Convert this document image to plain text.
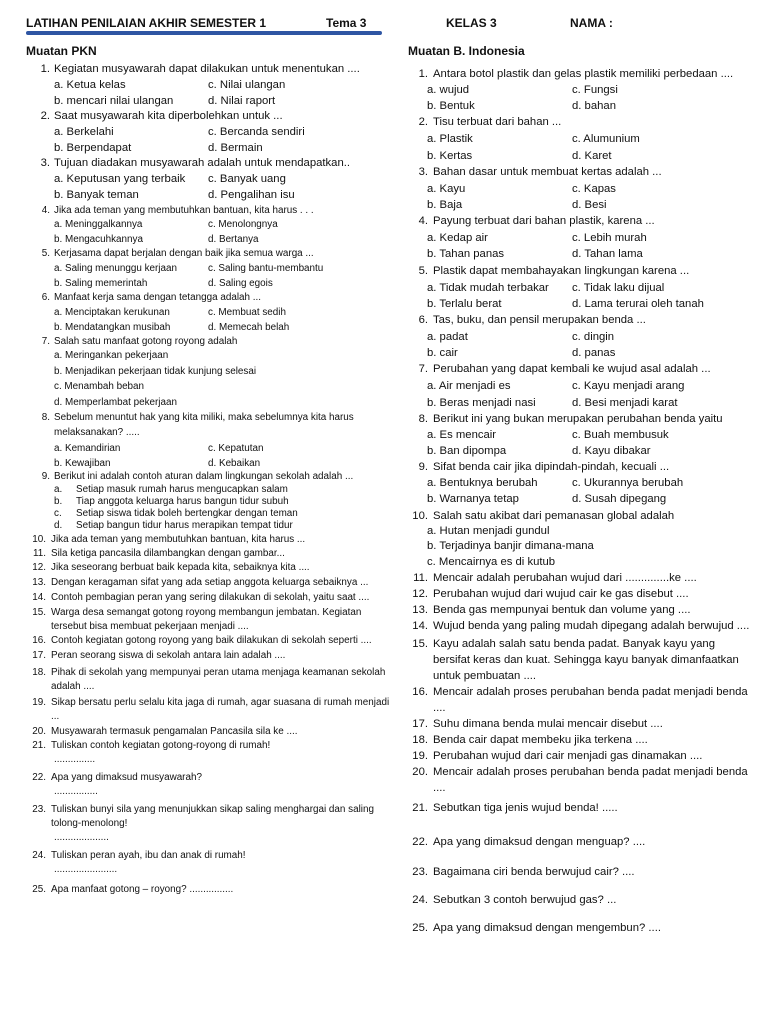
LATIHAN PENILAIAN AKHIR SEMESTER 1	Tema 3	KELAS 3	NAMA :
Muatan PKN
1. Kegiatan musyawarah dapat dilakukan untuk menentukan ....
a. Ketua kelas	c. Nilai ulangan
b. mencari nilai ulangan	d. Nilai raport
2. Saat musyawarah kita diperbolehkan untuk ...
a. Berkelahi	c. Bercanda sendiri
b. Berpendapat	d. Bermain
3. Tujuan diadakan musyawarah adalah untuk mendapatkan..
a. Keputusan yang terbaik	c. Banyak uang
b. Banyak teman	d. Pengalihan isu
4. Jika ada teman yang membutuhkan bantuan, kita harus . . .
a. Meninggalkannya	c. Menolongnya
b. Mengacuhkannya	d. Bertanya
5. Kerjasama dapat berjalan dengan baik jika semua warga ...
a. Saling menunggu kerjaan	c. Saling bantu-membantu
b. Saling memerintah	d. Saling egois
6. Manfaat kerja sama dengan tetangga adalah ...
a. Menciptakan kerukunan	c. Membuat sedih
b. Mendatangkan musibah	d. Memecah belah
7. Salah satu manfaat gotong royong adalah
a. Meringankan pekerjaan
b. Menjadikan pekerjaan tidak kunjung selesai
c. Menambah beban
d. Memperlambat pekerjaan
8. Sebelum menuntut hak yang kita miliki, maka sebelumnya kita harus melaksanakan? .....
a. Kemandirian	c. Kepatutan
b. Kewajiban	d. Kebaikan
9. Berikut ini adalah contoh aturan dalam lingkungan sekolah adalah ...
a. Setiap masuk rumah harus mengucapkan salam
b. Tiap anggota keluarga harus bangun tidur subuh
c. Setiap siswa tidak boleh bertengkar dengan teman
d. Setiap bangun tidur harus merapikan tempat tidur
10. Jika ada teman yang membutuhkan bantuan, kita harus ...
11. Sila ketiga pancasila dilambangkan dengan gambar...
12. Jika seseorang berbuat baik kepada kita, sebaiknya kita ....
13. Dengan keragaman sifat yang ada setiap anggota keluarga sebaiknya ...
14. Contoh pembagian peran yang sering dilakukan di sekolah, yaitu saat ....
15. Warga desa semangat gotong royong membangun jembatan. Kegiatan tersebut bisa membuat pekerjaan menjadi ....
16. Contoh kegiatan gotong royong yang baik dilakukan di sekolah seperti ....
17. Peran seorang siswa di sekolah antara lain adalah ....
18. Pihak di sekolah yang mempunyai peran utama menjaga keamanan sekolah adalah ....
19. Sikap bersatu perlu selalu kita jaga di rumah, agar suasana di rumah menjadi ...
20. Musyawarah termasuk pengamalan Pancasila sila ke ....
21. Tuliskan contoh kegiatan gotong-royong di rumah!
...............
22. Apa yang dimaksud musyawarah?
................
23. Tuliskan bunyi sila yang menunjukkan sikap saling menghargai dan saling tolong-menolong!
....................
24. Tuliskan peran ayah, ibu dan anak di rumah!
.......................
25. Apa manfaat gotong – royong? ................
Muatan B. Indonesia
1. Antara botol plastik dan gelas plastik memiliki perbedaan ....
a. wujud	c. Fungsi
b. Bentuk	d. bahan
2. Tisu terbuat dari bahan ...
a. Plastik	c. Alumunium
b. Kertas	d. Karet
3. Bahan dasar untuk membuat kertas adalah ...
a. Kayu	c. Kapas
b. Baja	d. Besi
4. Payung terbuat dari bahan plastik, karena ...
a. Kedap air	c. Lebih murah
b. Tahan panas	d. Tahan lama
5. Plastik dapat membahayakan lingkungan karena ...
a. Tidak mudah terbakar	c. Tidak laku dijual
b. Terlalu berat	d. Lama terurai oleh tanah
6. Tas, buku, dan pensil merupakan benda ...
a. padat	c. dingin
b. cair	d. panas
7. Perubahan yang dapat kembali ke wujud asal adalah ...
a. Air menjadi es	c. Kayu menjadi arang
b. Beras menjadi nasi	d. Besi menjadi karat
8. Berikut ini yang bukan merupakan perubahan benda yaitu
a. Es mencair	c. Buah membusuk
b. Ban dipompa	d. Kayu dibakar
9. Sifat benda cair jika dipindah-pindah, kecuali ...
a. Bentuknya berubah	c. Ukurannya berubah
b. Warnanya tetap	d. Susah dipegang
10. Salah satu akibat dari pemanasan global adalah
a. Hutan menjadi gundul
b. Terjadinya banjir dimana-mana
c. Mencairnya es di kutub
11. Mencair adalah perubahan wujud dari ..............ke ....
12. Perubahan wujud dari wujud cair ke gas disebut ....
13. Benda gas mempunyai bentuk dan volume yang ....
14. Wujud benda yang paling mudah dipegang adalah berwujud ....
15. Kayu adalah salah satu benda padat. Banyak kayu yang bersifat keras dan kuat. Sehingga kayu banyak dimanfaatkan untuk pembuatan ....
16. Mencair adalah proses perubahan benda padat menjadi benda ....
17. Suhu dimana benda mulai mencair disebut ....
18. Benda cair dapat membeku jika terkena ....
19. Perubahan wujud dari cair menjadi gas dinamakan ....
20. Mencair adalah proses perubahan benda padat menjadi benda ....
21. Sebutkan tiga jenis wujud benda! .....
22. Apa yang dimaksud dengan menguap? ....
23. Bagaimana ciri benda berwujud cair? ....
24. Sebutkan 3 contoh berwujud gas? ...
25. Apa yang dimaksud dengan mengembun? ....
